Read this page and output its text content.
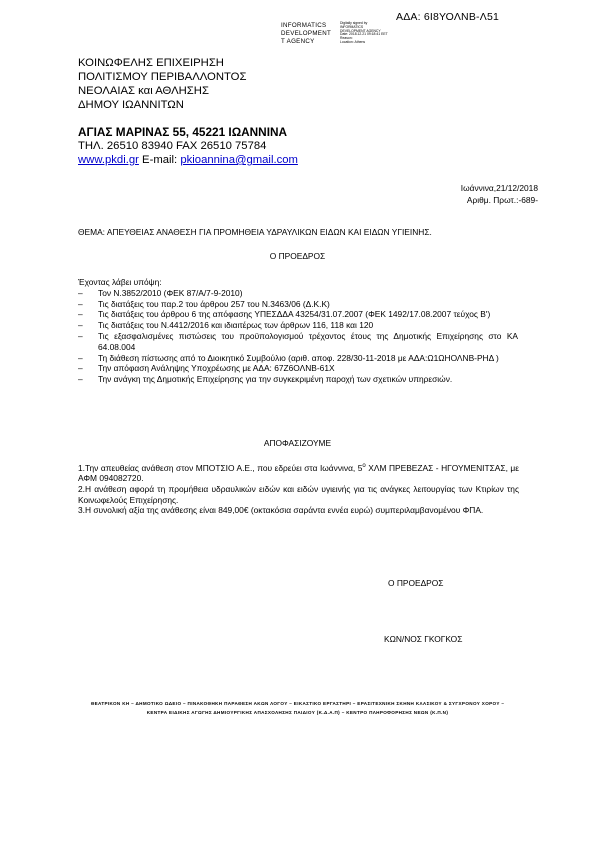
ΑΔΑ: 6Ι8ΥΟΛΝΒ-Λ51
INFORMATICS
DEVELOPMENT
T AGENCY
Digitally signed by
INFORMATICS
DEVELOPMENT AGENCY
Date: 2018.12.21 09:18:41 EET
Reason:
Location: Athens
ΚΟΙΝΩΦΕΛΗΣ ΕΠΙΧΕΙΡΗΣΗ
ΠΟΛΙΤΙΣΜΟΥ ΠΕΡΙΒΑΛΛΟΝΤΟΣ
ΝΕΟΛΑΙΑΣ και ΑΘΛΗΣΗΣ
ΔΗΜΟΥ ΙΩΑΝΝΙΤΩΝ
ΑΓΙΑΣ ΜΑΡΙΝΑΣ 55, 45221 ΙΩΑΝΝΙΝΑ
ΤΗΛ. 26510 83940 FAX 26510 75784
www.pkdi.gr E-mail: pkioannina@gmail.com
Ιωάννινα,21/12/2018
Αριθμ. Πρωτ.:-689-
ΘΕΜΑ: ΑΠΕΥΘΕΙΑΣ ΑΝΑΘΕΣΗ ΓΙΑ ΠΡΟΜΗΘΕΙΑ ΥΔΡΑΥΛΙΚΩΝ ΕΙΔΩΝ ΚΑΙ ΕΙΔΩΝ ΥΓΙΕΙΝΗΣ.
Ο ΠΡΟΕΔΡΟΣ
Έχοντας λάβει υπόψη:
– Τον Ν.3852/2010 (ΦΕΚ 87/Α/7-9-2010)
– Τις διατάξεις του παρ.2 του άρθρου 257 του Ν.3463/06 (Δ.Κ.Κ)
– Τις διατάξεις του άρθρου 6 της απόφασης ΥΠΕΣΔΔΑ 43254/31.07.2007 (ΦΕΚ 1492/17.08.2007 τεύχος Β')
– Τις διατάξεις του Ν.4412/2016 και ιδιαιτέρως των άρθρων 116, 118 και 120
– Τις εξασφαλισμένες πιστώσεις του προϋπολογισμού τρέχοντος έτους της Δημοτικής Επιχείρησης στο ΚΑ 64.08.004
– Τη διάθεση πίστωσης από το Διοικητικό Συμβούλιο (αριθ. αποφ. 228/30-11-2018 με ΑΔΑ:Ω1ΩΗΟΛΝΒ-ΡΗΔ )
– Την απόφαση Ανάληψης Υποχρέωσης με ΑΔΑ: 67Ζ6ΟΛΝΒ-61Χ
– Την ανάγκη της Δημοτικής Επιχείρησης για την συγκεκριμένη παροχή των σχετικών υπηρεσιών.
ΑΠΟΦΑΣΙΖΟΥΜΕ
1.Την απευθείας ανάθεση στον ΜΠΟΤΣΙΟ Α.Ε., που εδρεύει στα Ιωάννινα, $5^o$ ΧΛΜ ΠΡΕΒΕΖΑΣ - ΗΓΟΥΜΕΝΙΤΣΑΣ, με ΑΦΜ 094082720.
2.Η ανάθεση αφορά τη προμήθεια υδραυλικών ειδών και ειδών υγιεινής για τις ανάγκες λειτουργίας των Κτιρίων της Κοινωφελούς Επιχείρησης.
3.Η συνολική αξία της ανάθεσης είναι 849,00€ (οκτακόσια σαράντα εννέα ευρώ) συμπεριλαμβανομένου ΦΠΑ.
Ο ΠΡΟΕΔΡΟΣ
ΚΩΝ/ΝΟΣ ΓΚΟΓΚΟΣ
ΘΕΑΤΡΙΚΟΝ ΚΗ – ΔΗΜΟΤΙΚΟ ΩΔΕΙΟ – ΠΙΝΑΚΟΘΗΚΗ ΠΑΡΑΘΕΣΗ ΑΚΩΝ ΛΟΓΟΥ – ΕΙΚΑΣΤΙΚΟ ΕΡΓΑΣΤΗΡΙ – ΕΡΑΣΙΤΕΧΝΙΚΗ ΣΚΗΝΗ ΚΛΑΣΙΚΟΥ & ΣΥΓΧΡΟΝΟΥ ΧΟΡΟΥ –
ΚΕΝΤΡΑ ΕΙΔΙΚΗΣ ΑΓΩΓΗΣ ΔΗΜΙΟΥΡΓΙΚΗΣ ΑΠΑΣΧΟΛΗΣΗΣ ΠΑΙΔΙΟΥ (Κ.Δ.Α.Π) – ΚΕΝΤΡΟ ΠΛΗΡΟΦΟΡΗΣΗΣ ΝΕΩΝ (Κ.Π.Ν)
